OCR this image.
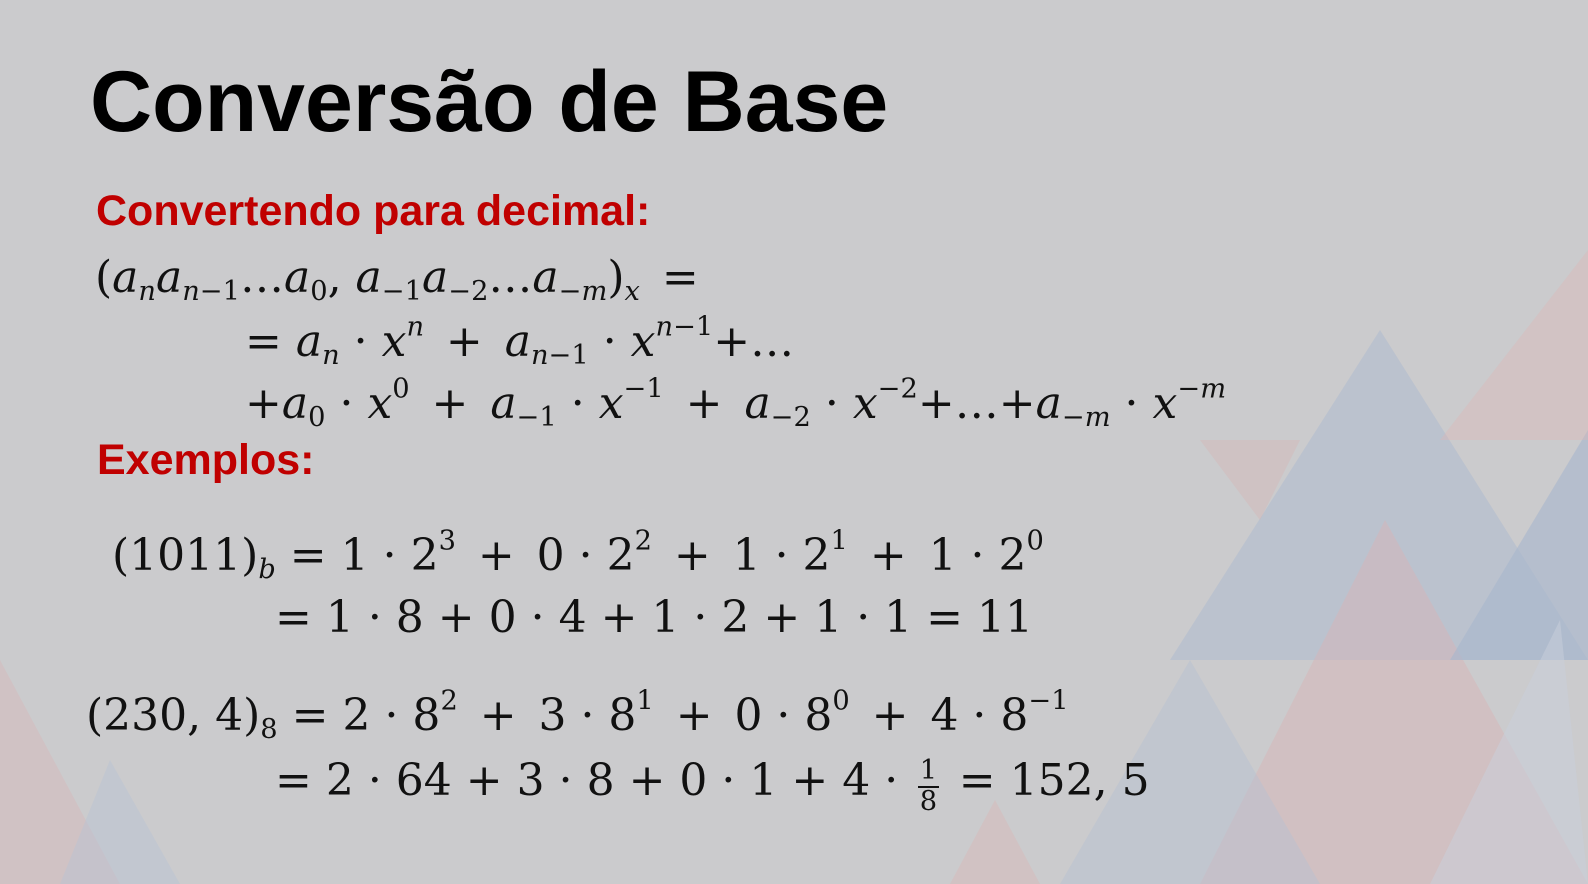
Conversão de Base
Convertendo para decimal:
($a_na_{n-1}\dots a_0$, $a_{-1}a_{-2}\dots a_{-m})_x$ =
= $a_n \cdot x^n + a_{n-1}$ · $x^{n-1}+\dots$
$+a_0 \cdot x^0 + a_{-1} \cdot x^{-1} + a_{-2}$ · $x^{-2}+\dots+a_{-m} \cdot x^{-m}$
Exemplos:
$(1011)_b = 1 \cdot 2^3 + 0 \cdot 2^2 + 1 \cdot 2^1 + 1 \cdot 2^0$
= 1 · 8 + 0 · 4 + 1 · 2 + 1 · 1 = 11
(230, $4)_8 = 2 \cdot 8^2 + 3 \cdot 8^1 + 0 \cdot 8^0 + 4 \cdot 8^{-1}$
= $2 \cdot 64 + 3 \cdot 8 + 0 \cdot 1 + 4 \cdot \frac{1}{8} = 152$, 5
